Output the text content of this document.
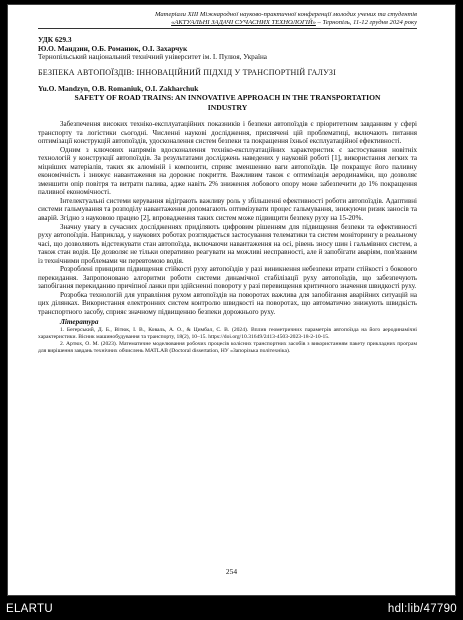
Матеріали XIII Міжнародної науково-практичної конференції молодих учених та студентів
«АКТУАЛЬНІ ЗАДАЧІ СУЧАСНИХ ТЕХНОЛОГІЙ» – Тернопіль, 11-12 грудня 2024 року
УДК 629.3
Ю.О. Мандзин, О.Б. Романюк, О.І. Захарчук
Тернопільський національний технічний університет ім. І. Пулюя, Україна
БЕЗПЕКА АВТОПОЇЗДІВ: ІННОВАЦІЙНИЙ ПІДХІД У ТРАНСПОРТНІЙ ГАЛУЗІ
Yu.O. Mandzyn, O.B. Romaniuk, O.I. Zakharchuk
SAFETY OF ROAD TRAINS: AN INNOVATIVE APPROACH IN THE TRANSPORTATION INDUSTRY

Забезпечення високих техніко-експлуатаційних показників і безпеки автопоїздів є пріоритетним завданням у сфері транспорту та логістики сьогодні. Численні наукові дослідження, присвячені цій проблематиці, включають питання оптимізації конструкцій автопоїздів, удосконалення систем безпеки та покращення їхньої експлуатаційної ефективності.

Одним з ключових напрямів вдосконалення техніко-експлуатаційних характеристик є застосування новітніх технологій у конструкції автопоїздів. За результатами досліджень наведених у науковій роботі [1], використання легких та міцніших матеріалів, таких як алюміній і композити, сприяє зменшенню ваги автопоїздів. Це покращує його паливну економічність і знижує навантаження на дорожнє покриття. Важливим також є оптимізація аеродинаміки, що дозволяє зменшити опір повітря та витрати палива, адже навіть 2% зниження лобового опору може забезпечити до 1% покращення паливної економічності.

Інтелектуальні системи керування відіграють важливу роль у збільшенні ефективності роботи автопоїздів. Адаптивні системи гальмування та розподілу навантаження допомагають оптимізувати процес гальмування, знижуючи ризик заносів та аварій. Згідно з науковою працею [2], впровадження таких систем може підвищити безпеку руху на 15-20%.

Значну увагу в сучасних дослідженнях приділяють цифровим рішенням для підвищення безпеки та ефективності руху автопоїздів. Наприклад, у наукових роботах розглядається застосування телематики та систем моніторингу в реальному часі, що дозволяють відстежувати стан автопоїзда, включаючи навантаження на осі, рівень зносу шин і гальмівних систем, а також стан водія. Це дозволяє не тільки оперативно реагувати на можливі несправності, але й запобігати аваріям, пов'язаним із технічними проблемами чи перевтомою водія.

Розроблені принципи підвищення стійкості руху автопоїздів у разі виникнення небезпеки втрати стійкості з бокового перекидання. Запропоновано алгоритми роботи системи динамічної стабілізації руху автопоїздів, що забезпечують запобігання перекиданню причіпної ланки при здійсненні повороту у разі перевищення критичного значення швидкості руху.

Розробка технологій для управління рухом автопоїздів на поворотах важлива для запобігання аварійних ситуацій на цих ділянках. Використання електронних систем контролю швидкості на поворотах, що автоматично знижують швидкість транспортного засобу, сприяє значному підвищенню безпеки дорожнього руху.

Література

1. Бегерський, Д. Б., Вітюк, І. В., Коваль, А. О., & Цимбал, С. В. (2024). Вплив геометричних параметрів автопоїзда на його аеродинамічні характеристики. Вісник машинобудування та транспорту, 18(2), 10–15. https://doi.org/10.31649/2413-4503-2023-18-2-10-15.

2. Артюх, О. М. (2023). Математичне моделювання робочих процесів колісних транспортних засобів з використанням пакету прикладних програм для вирішення завдань технічних обчислень MATLAB (Doctoral dissertation, НУ «Запорізька політехніка).

254
ELARTU	hdl:lib/47790
